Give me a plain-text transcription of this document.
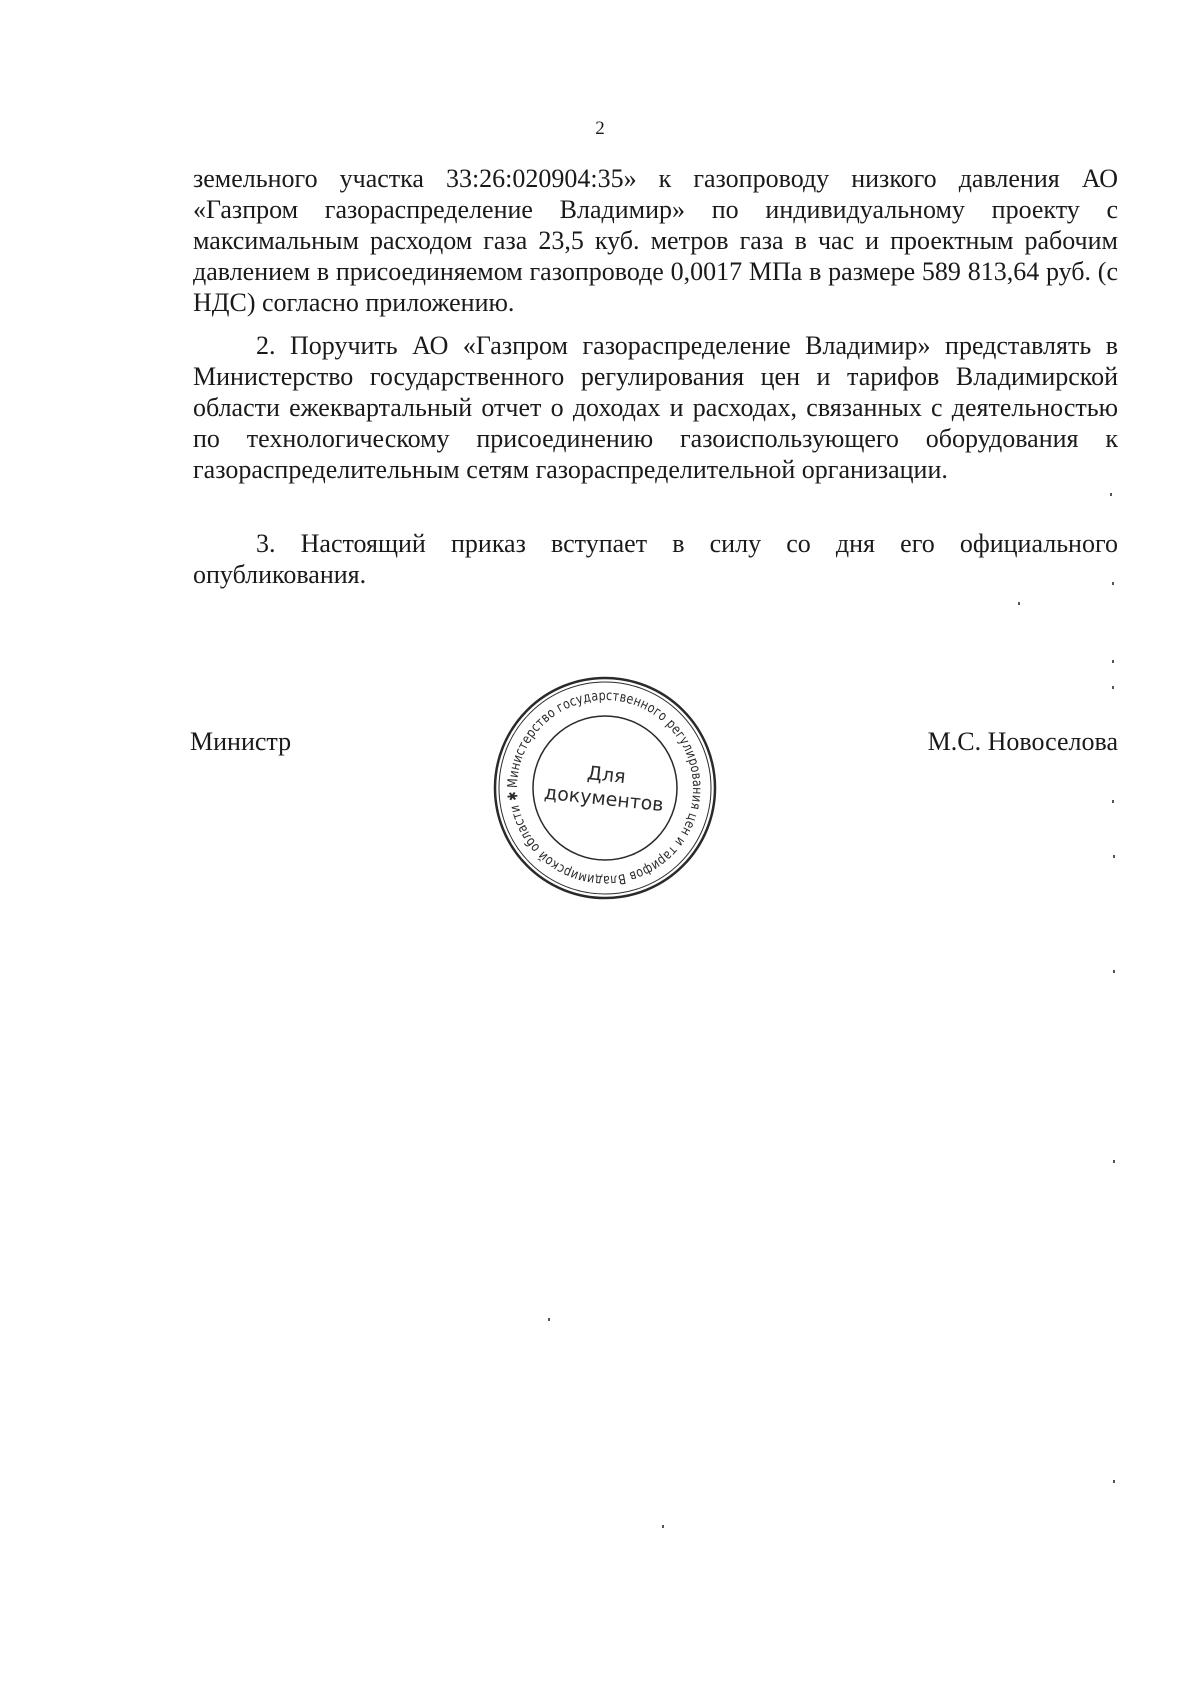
2

земельного участка 33:26:020904:35» к газопроводу низкого давления АО «Газпром газораспределение Владимир» по индивидуальному проекту с максимальным расходом газа 23,5 куб. метров газа в час и проектным рабочим давлением в присоединяемом газопроводе 0,0017 МПа в размере 589 813,64 руб. (с НДС) согласно приложению.

2. Поручить АО «Газпром газораспределение Владимир» представлять в Министерство государственного регулирования цен и тарифов Владимирской области ежеквартальный отчет о доходах и расходах, связанных с деятельностью по технологическому присоединению газоиспользующего оборудования к газораспределительным сетям газораспределительной организации.

3. Настоящий приказ вступает в силу со дня его официального опубликования.

Министр
Министерство государственного регулирования цен и тарифов Владимирской области ✱
Для
документов
М.С. Новоселова
